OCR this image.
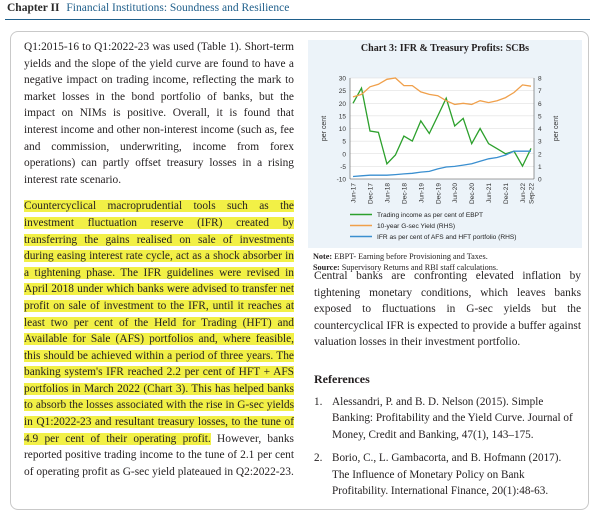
Chapter II Financial Institutions: Soundness and Resilience

Q1:2015-16 to Q1:2022-23 was used (Table 1). Short-term yields and the slope of the yield curve are found to have a negative impact on trading income, reflecting the mark to market losses in the bond portfolio of banks, but the impact on NIMs is positive. Overall, it is found that interest income and other non-interest income (such as, fee and commission, underwriting, income from forex operations) can partly offset treasury losses in a rising interest rate scenario.

Countercyclical macroprudential tools such as the investment fluctuation reserve (IFR) created by transferring the gains realised on sale of investments during easing interest rate cycle, act as a shock absorber in a tightening phase. The IFR guidelines were revised in April 2018 under which banks were advised to transfer net profit on sale of investment to the IFR, until it reaches at least two per cent of the Held for Trading (HFT) and Available for Sale (AFS) portfolios and, where feasible, this should be achieved within a period of three years. The banking system's IFR reached 2.2 per cent of HFT + AFS portfolios in March 2022 (Chart 3). This has helped banks to absorb the losses associated with the rise in G-sec yields in Q1:2022-23 and resultant treasury losses, to the tune of 4.9 per cent of their operating profit. However, banks reported positive trading income to the tune of 2.1 per cent of operating profit as G-sec yield plateaued in Q2:2022-23.

Chart 3: IFR & Treasury Profits: SCBs
-10
-5
0
5
10
15
20
25
30
0
1
2
3
4
5
6
7
8
per cent	per cent
Jun-17 Dec-17 Jun-18 Dec-18 Jun-19 Dec-19 Jun-20 Dec-20 Jun-21 Dec-21 Jun-22 Sep-22
Trading income as per cent of EBPT
10-year G-sec Yield (RHS)
IFR as per cent of AFS and HFT portfolio (RHS)
Note: EBPT- Earning before Provisioning and Taxes.
Source: Supervisory Returns and RBI staff calculations.

Central banks are confronting elevated inflation by tightening monetary conditions, which leaves banks exposed to fluctuations in G-sec yields but the countercyclical IFR is expected to provide a buffer against valuation losses in their investment portfolio.

References
1. Alessandri, P. and B. D. Nelson (2015). Simple Banking: Profitability and the Yield Curve. Journal of Money, Credit and Banking, 47(1), 143–175.
2. Borio, C., L. Gambacorta, and B. Hofmann (2017). The Influence of Monetary Policy on Bank Profitability. International Finance, 20(1):48-63.
